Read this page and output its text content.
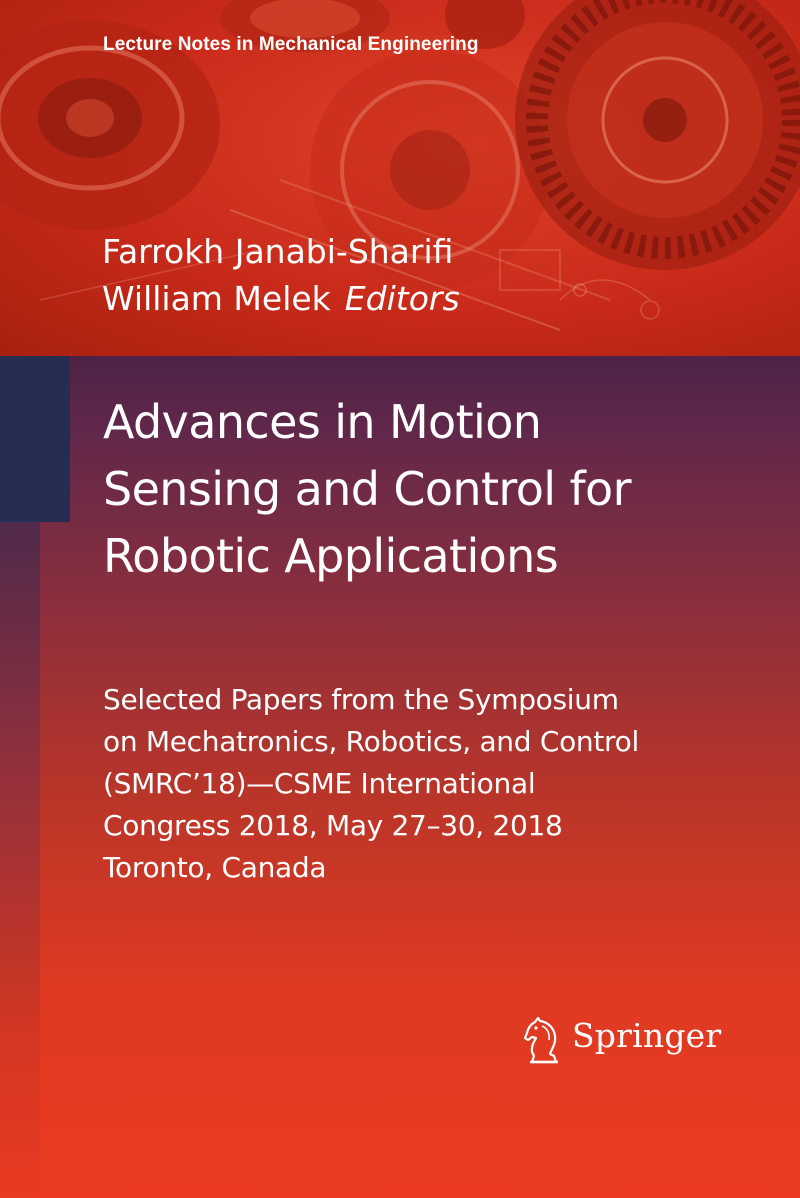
Lecture Notes in Mechanical Engineering

Farrokh Janabi-Sharifi
William Melek Editors

Advances in Motion
Sensing and Control for
Robotic Applications

Selected Papers from the Symposium
on Mechatronics, Robotics, and Control
(SMRC’18)—CSME International
Congress 2018, May 27–30, 2018
Toronto, Canada

Springer
